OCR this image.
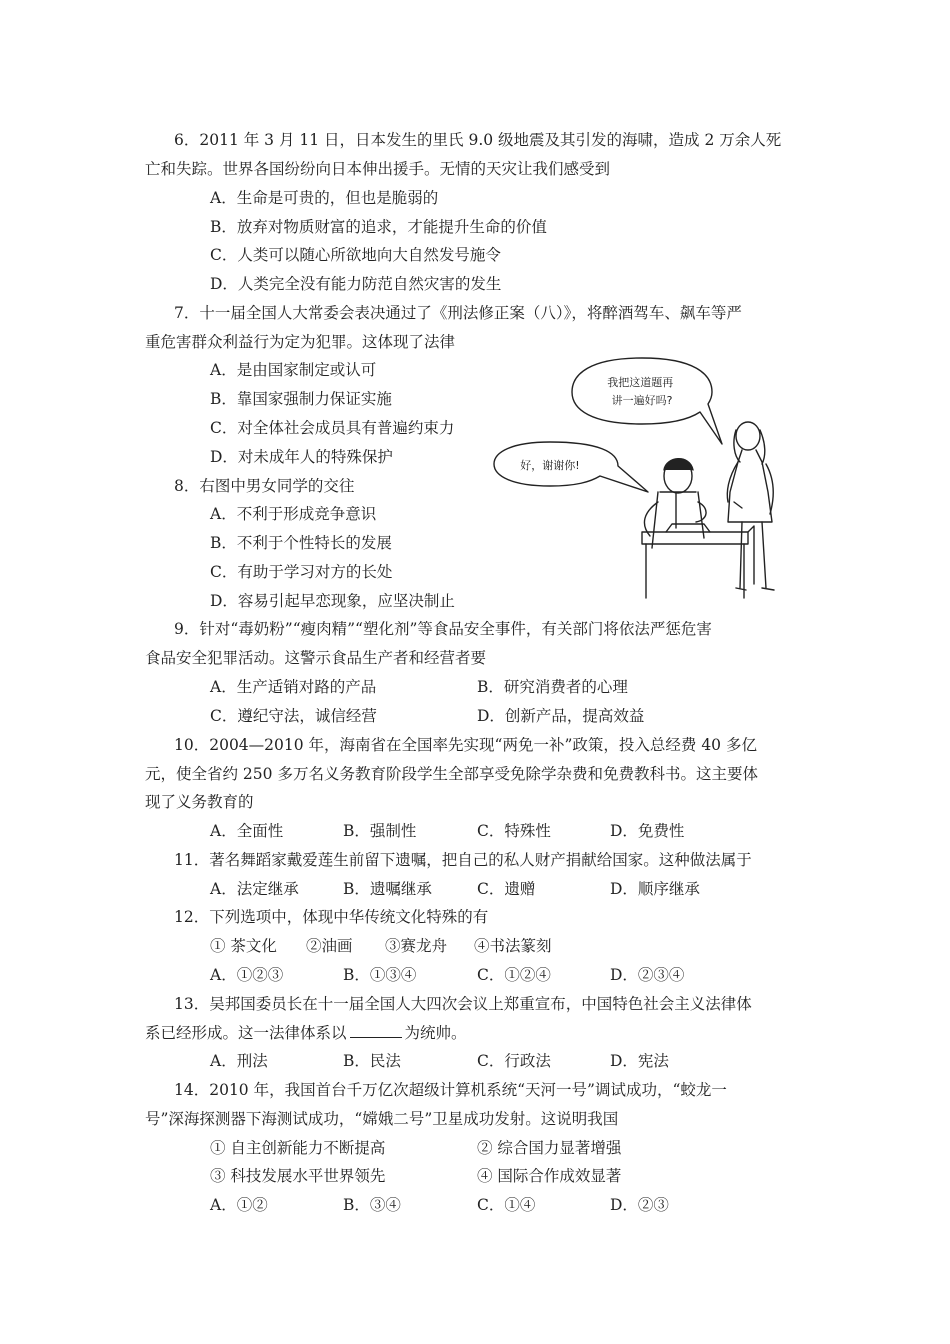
6．2011 年 3 月 11 日，日本发生的里氏 9.0 级地震及其引发的海啸，造成 2 万余人死
亡和失踪。世界各国纷纷向日本伸出援手。无情的天灾让我们感受到
A．生命是可贵的，但也是脆弱的
B．放弃对物质财富的追求，才能提升生命的价值
C．人类可以随心所欲地向大自然发号施令
D．人类完全没有能力防范自然灾害的发生
7．十一届全国人大常委会表决通过了《刑法修正案（八）》，将醉酒驾车、飙车等严
重危害群众利益行为定为犯罪。这体现了法律
A．是由国家制定或认可
B．靠国家强制力保证实施
C．对全体社会成员具有普遍约束力
D．对未成年人的特殊保护
8．右图中男女同学的交往
A．不利于形成竞争意识
B．不利于个性特长的发展
C．有助于学习对方的长处
D．容易引起早恋现象，应坚决制止
我把这道题再 讲一遍好吗?
好，谢谢你!
9．针对“毒奶粉”“瘦肉精”“塑化剂”等食品安全事件，有关部门将依法严惩危害
食品安全犯罪活动。这警示食品生产者和经营者要
A．生产适销对路的产品	B．研究消费者的心理
C．遵纪守法，诚信经营	D．创新产品，提高效益
10．2004—2010 年，海南省在全国率先实现“两免一补”政策，投入总经费 40 多亿
元，使全省约 250 多万名义务教育阶段学生全部享受免除学杂费和免费教科书。这主要体
现了义务教育的
A．全面性	B．强制性	C．特殊性	D．免费性
11．著名舞蹈家戴爱莲生前留下遗嘱，把自己的私人财产捐献给国家。这种做法属于
A．法定继承	B．遗嘱继承	C．遗赠	D．顺序继承
12．下列选项中，体现中华传统文化特殊的有
① 茶文化 ②油画 ③赛龙舟 ④书法篆刻
A．①②③	B．①③④	C．①②④	D．②③④
13．吴邦国委员长在十一届全国人大四次会议上郑重宣布，中国特色社会主义法律体
系已经形成。这一法律体系以	为统帅。
A．刑法	B．民法	C．行政法	D．宪法
14．2010 年，我国首台千万亿次超级计算机系统“天河一号”调试成功，“蛟龙一
号”深海探测器下海测试成功，“嫦娥二号”卫星成功发射。这说明我国
① 自主创新能力不断提高	② 综合国力显著增强
③ 科技发展水平世界领先	④ 国际合作成效显著
A．①②	B．③④	C．①④	D．②③
